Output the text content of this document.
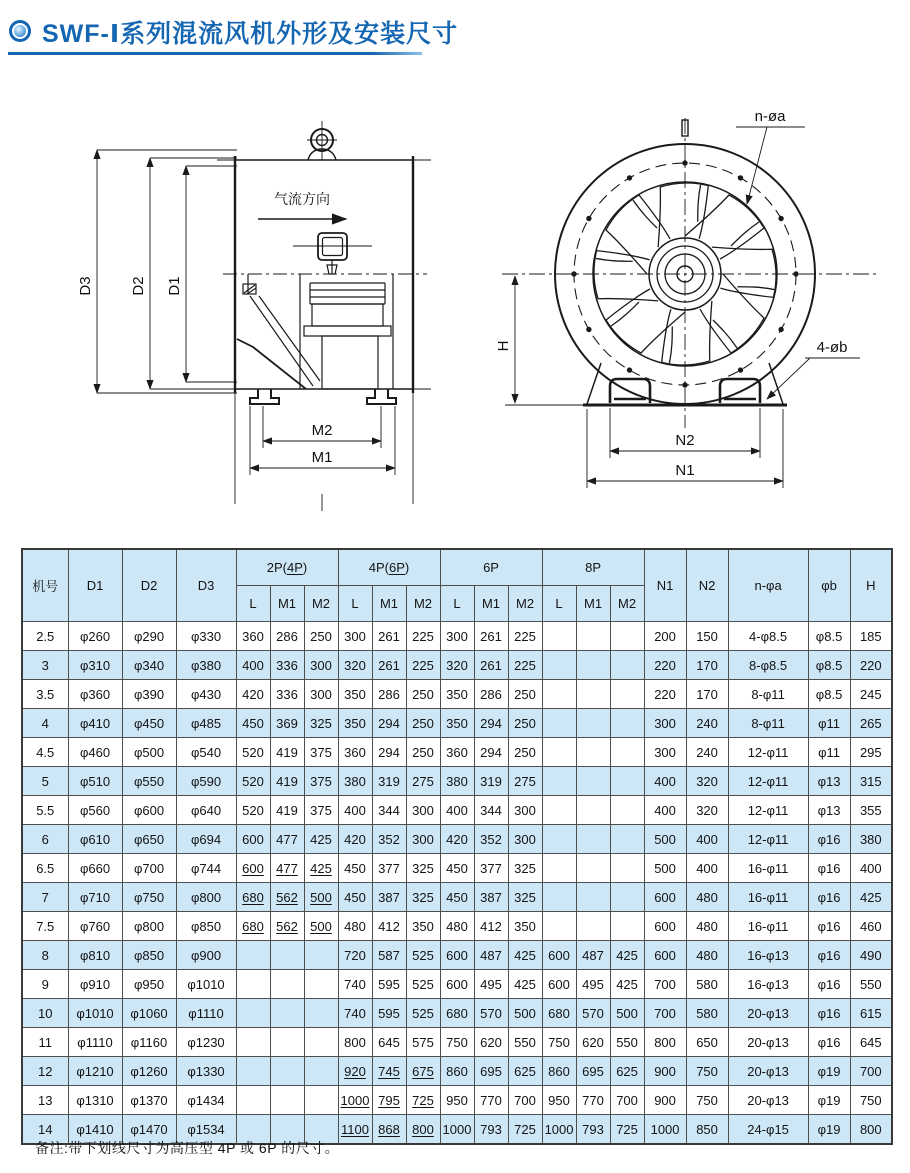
SWF-Ⅰ系列混流风机外形及安装尺寸
D3 D2 D1
气流方向
M2
M1
H
N2
N1
n-øa
4-øb
机号	D1	D2	D3	2P(4P)			4P(6P)			6P			8P			N1	N2	n-φa	φb	H
				L	M1	M2	L	M1	M2	L	M1	M2	L	M1	M2					
2.5	φ260	φ290	φ330	360	286	250	300	261	225	300	261	225				200	150	4-φ8.5	φ8.5	185
3	φ310	φ340	φ380	400	336	300	320	261	225	320	261	225				220	170	8-φ8.5	φ8.5	220
3.5	φ360	φ390	φ430	420	336	300	350	286	250	350	286	250				220	170	8-φ11	φ8.5	245
4	φ410	φ450	φ485	450	369	325	350	294	250	350	294	250				300	240	8-φ11	φ11	265
4.5	φ460	φ500	φ540	520	419	375	360	294	250	360	294	250				300	240	12-φ11	φ11	295
5	φ510	φ550	φ590	520	419	375	380	319	275	380	319	275				400	320	12-φ11	φ13	315
5.5	φ560	φ600	φ640	520	419	375	400	344	300	400	344	300				400	320	12-φ11	φ13	355
6	φ610	φ650	φ694	600	477	425	420	352	300	420	352	300				500	400	12-φ11	φ16	380
6.5	φ660	φ700	φ744	600	477	425	450	377	325	450	377	325				500	400	16-φ11	φ16	400
7	φ710	φ750	φ800	680	562	500	450	387	325	450	387	325				600	480	16-φ11	φ16	425
7.5	φ760	φ800	φ850	680	562	500	480	412	350	480	412	350				600	480	16-φ11	φ16	460
8	φ810	φ850	φ900				720	587	525	600	487	425	600	487	425	600	480	16-φ13	φ16	490
9	φ910	φ950	φ1010				740	595	525	600	495	425	600	495	425	700	580	16-φ13	φ16	550
10	φ1010	φ1060	φ1110				740	595	525	680	570	500	680	570	500	700	580	20-φ13	φ16	615
11	φ1110	φ1160	φ1230				800	645	575	750	620	550	750	620	550	800	650	20-φ13	φ16	645
12	φ1210	φ1260	φ1330				920	745	675	860	695	625	860	695	625	900	750	20-φ13	φ19	700
13	φ1310	φ1370	φ1434				1000	795	725	950	770	700	950	770	700	900	750	20-φ13	φ19	750
14	φ1410	φ1470	φ1534				1100	868	800	1000	793	725	1000	793	725	1000	850	24-φ15	φ19	800
备注:带下划线尺寸为高压型 4P 或 6P 的尺寸。
